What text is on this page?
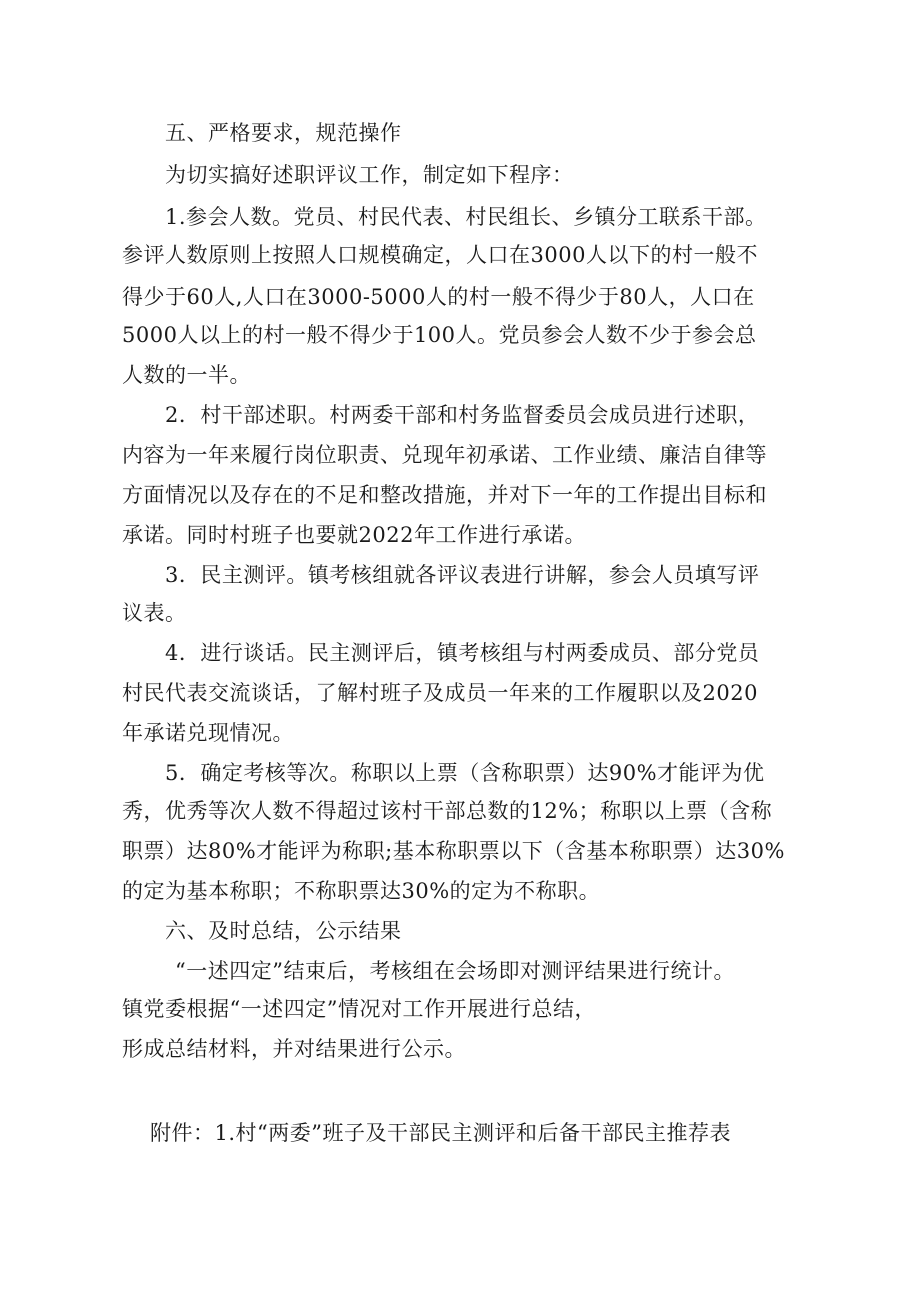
五、严格要求，规范操作
为切实搞好述职评议工作，制定如下程序：
1.参会人数。党员、村民代表、村民组长、乡镇分工联系干部。
参评人数原则上按照人口规模确定，人口在3000人以下的村一般不
得少于60人,人口在3000-5000人的村一般不得少于80人，人口在
5000人以上的村一般不得少于100人。党员参会人数不少于参会总
人数的一半。
2．村干部述职。村两委干部和村务监督委员会成员进行述职，
内容为一年来履行岗位职责、兑现年初承诺、工作业绩、廉洁自律等
方面情况以及存在的不足和整改措施，并对下一年的工作提出目标和
承诺。同时村班子也要就2022年工作进行承诺。
3．民主测评。镇考核组就各评议表进行讲解，参会人员填写评
议表。
4．进行谈话。民主测评后，镇考核组与村两委成员、部分党员
村民代表交流谈话，了解村班子及成员一年来的工作履职以及2020
年承诺兑现情况。
5．确定考核等次。称职以上票（含称职票）达90%才能评为优
秀，优秀等次人数不得超过该村干部总数的12%；称职以上票（含称
职票）达80%才能评为称职;基本称职票以下（含基本称职票）达30%
的定为基本称职；不称职票达30%的定为不称职。
六、及时总结，公示结果
“一述四定”结束后，考核组在会场即对测评结果进行统计。
镇党委根据“一述四定”情况对工作开展进行总结，
形成总结材料，并对结果进行公示。
附件：1.村“两委”班子及干部民主测评和后备干部民主推荐表
